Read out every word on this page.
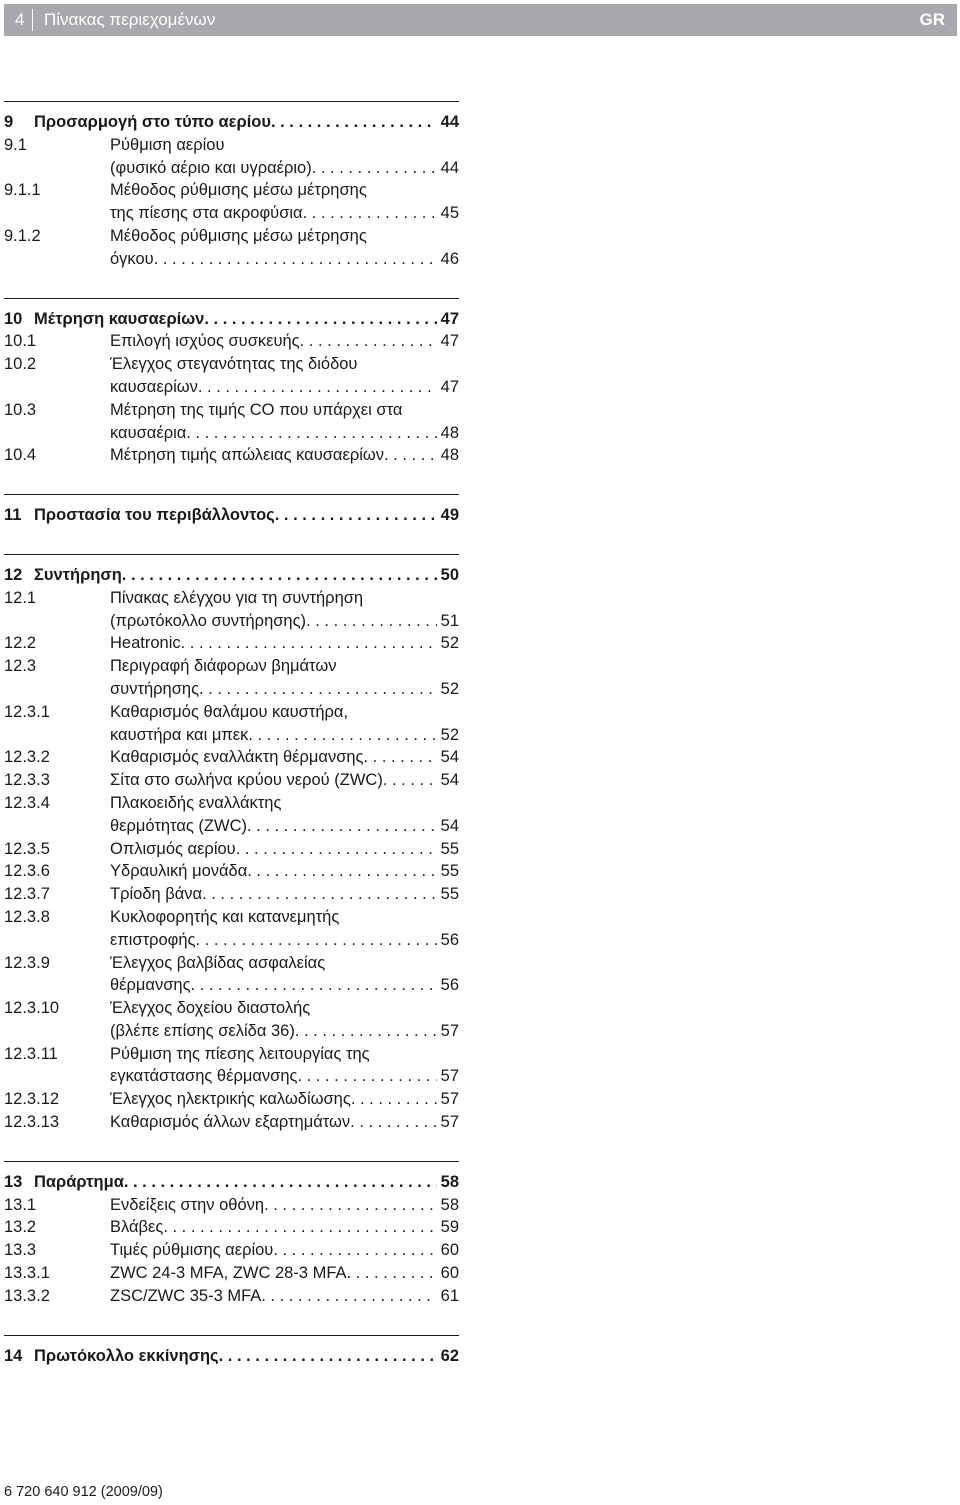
4 Πίνακας περιεχομένων	GR
9 Προσαρμογή στο τύπο αερίου . . .	44
9.1	Ρύθμιση αερίου
(φυσικό αέριο και υγραέριο) . . .	44
9.1.1	Μέθοδος ρύθμισης μέσω μέτρησης
της πίεσης στα ακροφύσια . . .	45
9.1.2	Μέθοδος ρύθμισης μέσω μέτρησης
όγκου . . .	46
10 Μέτρηση καυσαερίων . . .	47
10.1	Επιλογή ισχύος συσκευής . . .	47
10.2	Έλεγχος στεγανότητας της διόδου
καυσαερίων . . .	47
10.3	Μέτρηση της τιμής CO που υπάρχει στα
καυσαέρια . . .	48
10.4	Μέτρηση τιμής απώλειας καυσαερίων . . .	48
11 Προστασία του περιβάλλοντος . . .	49
12 Συντήρηση . . .	50
12.1	Πίνακας ελέγχου για τη συντήρηση
(πρωτόκολλο συντήρησης) . . .	51
12.2	Heatronic . . .	52
12.3	Περιγραφή διάφορων βημάτων
συντήρησης . . .	52
12.3.1	Καθαρισμός θαλάμου καυστήρα,
καυστήρα και μπεκ . . .	52
12.3.2	Καθαρισμός εναλλάκτη θέρμανσης . . .	54
12.3.3	Σίτα στο σωλήνα κρύου νερού (ZWC) . . .	54
12.3.4	Πλακοειδής εναλλάκτης
θερμότητας (ZWC) . . .	54
12.3.5	Οπλισμός αερίου . . .	55
12.3.6	Υδραυλική μονάδα . . .	55
12.3.7	Τρίοδη βάνα . . .	55
12.3.8	Κυκλοφορητής και κατανεμητής
επιστροφής . . .	56
12.3.9	Έλεγχος βαλβίδας ασφαλείας
θέρμανσης . . .	56
12.3.10	Έλεγχος δοχείου διαστολής
(βλέπε επίσης σελίδα 36) . . .	57
12.3.11	Ρύθμιση της πίεσης λειτουργίας της
εγκατάστασης θέρμανσης . . .	57
12.3.12	Έλεγχος ηλεκτρικής καλωδίωσης . . .	57
12.3.13	Καθαρισμός άλλων εξαρτημάτων . . .	57
13 Παράρτημα . . .	58
13.1	Ενδείξεις στην οθόνη . . .	58
13.2	Βλάβες . . .	59
13.3	Τιμές ρύθμισης αερίου . . .	60
13.3.1	ZWC 24-3 MFA, ZWC 28-3 MFA . . .	60
13.3.2	ZSC/ZWC 35-3 MFA . . .	61
14 Πρωτόκολλο εκκίνησης . . .	62
6 720 640 912 (2009/09)
